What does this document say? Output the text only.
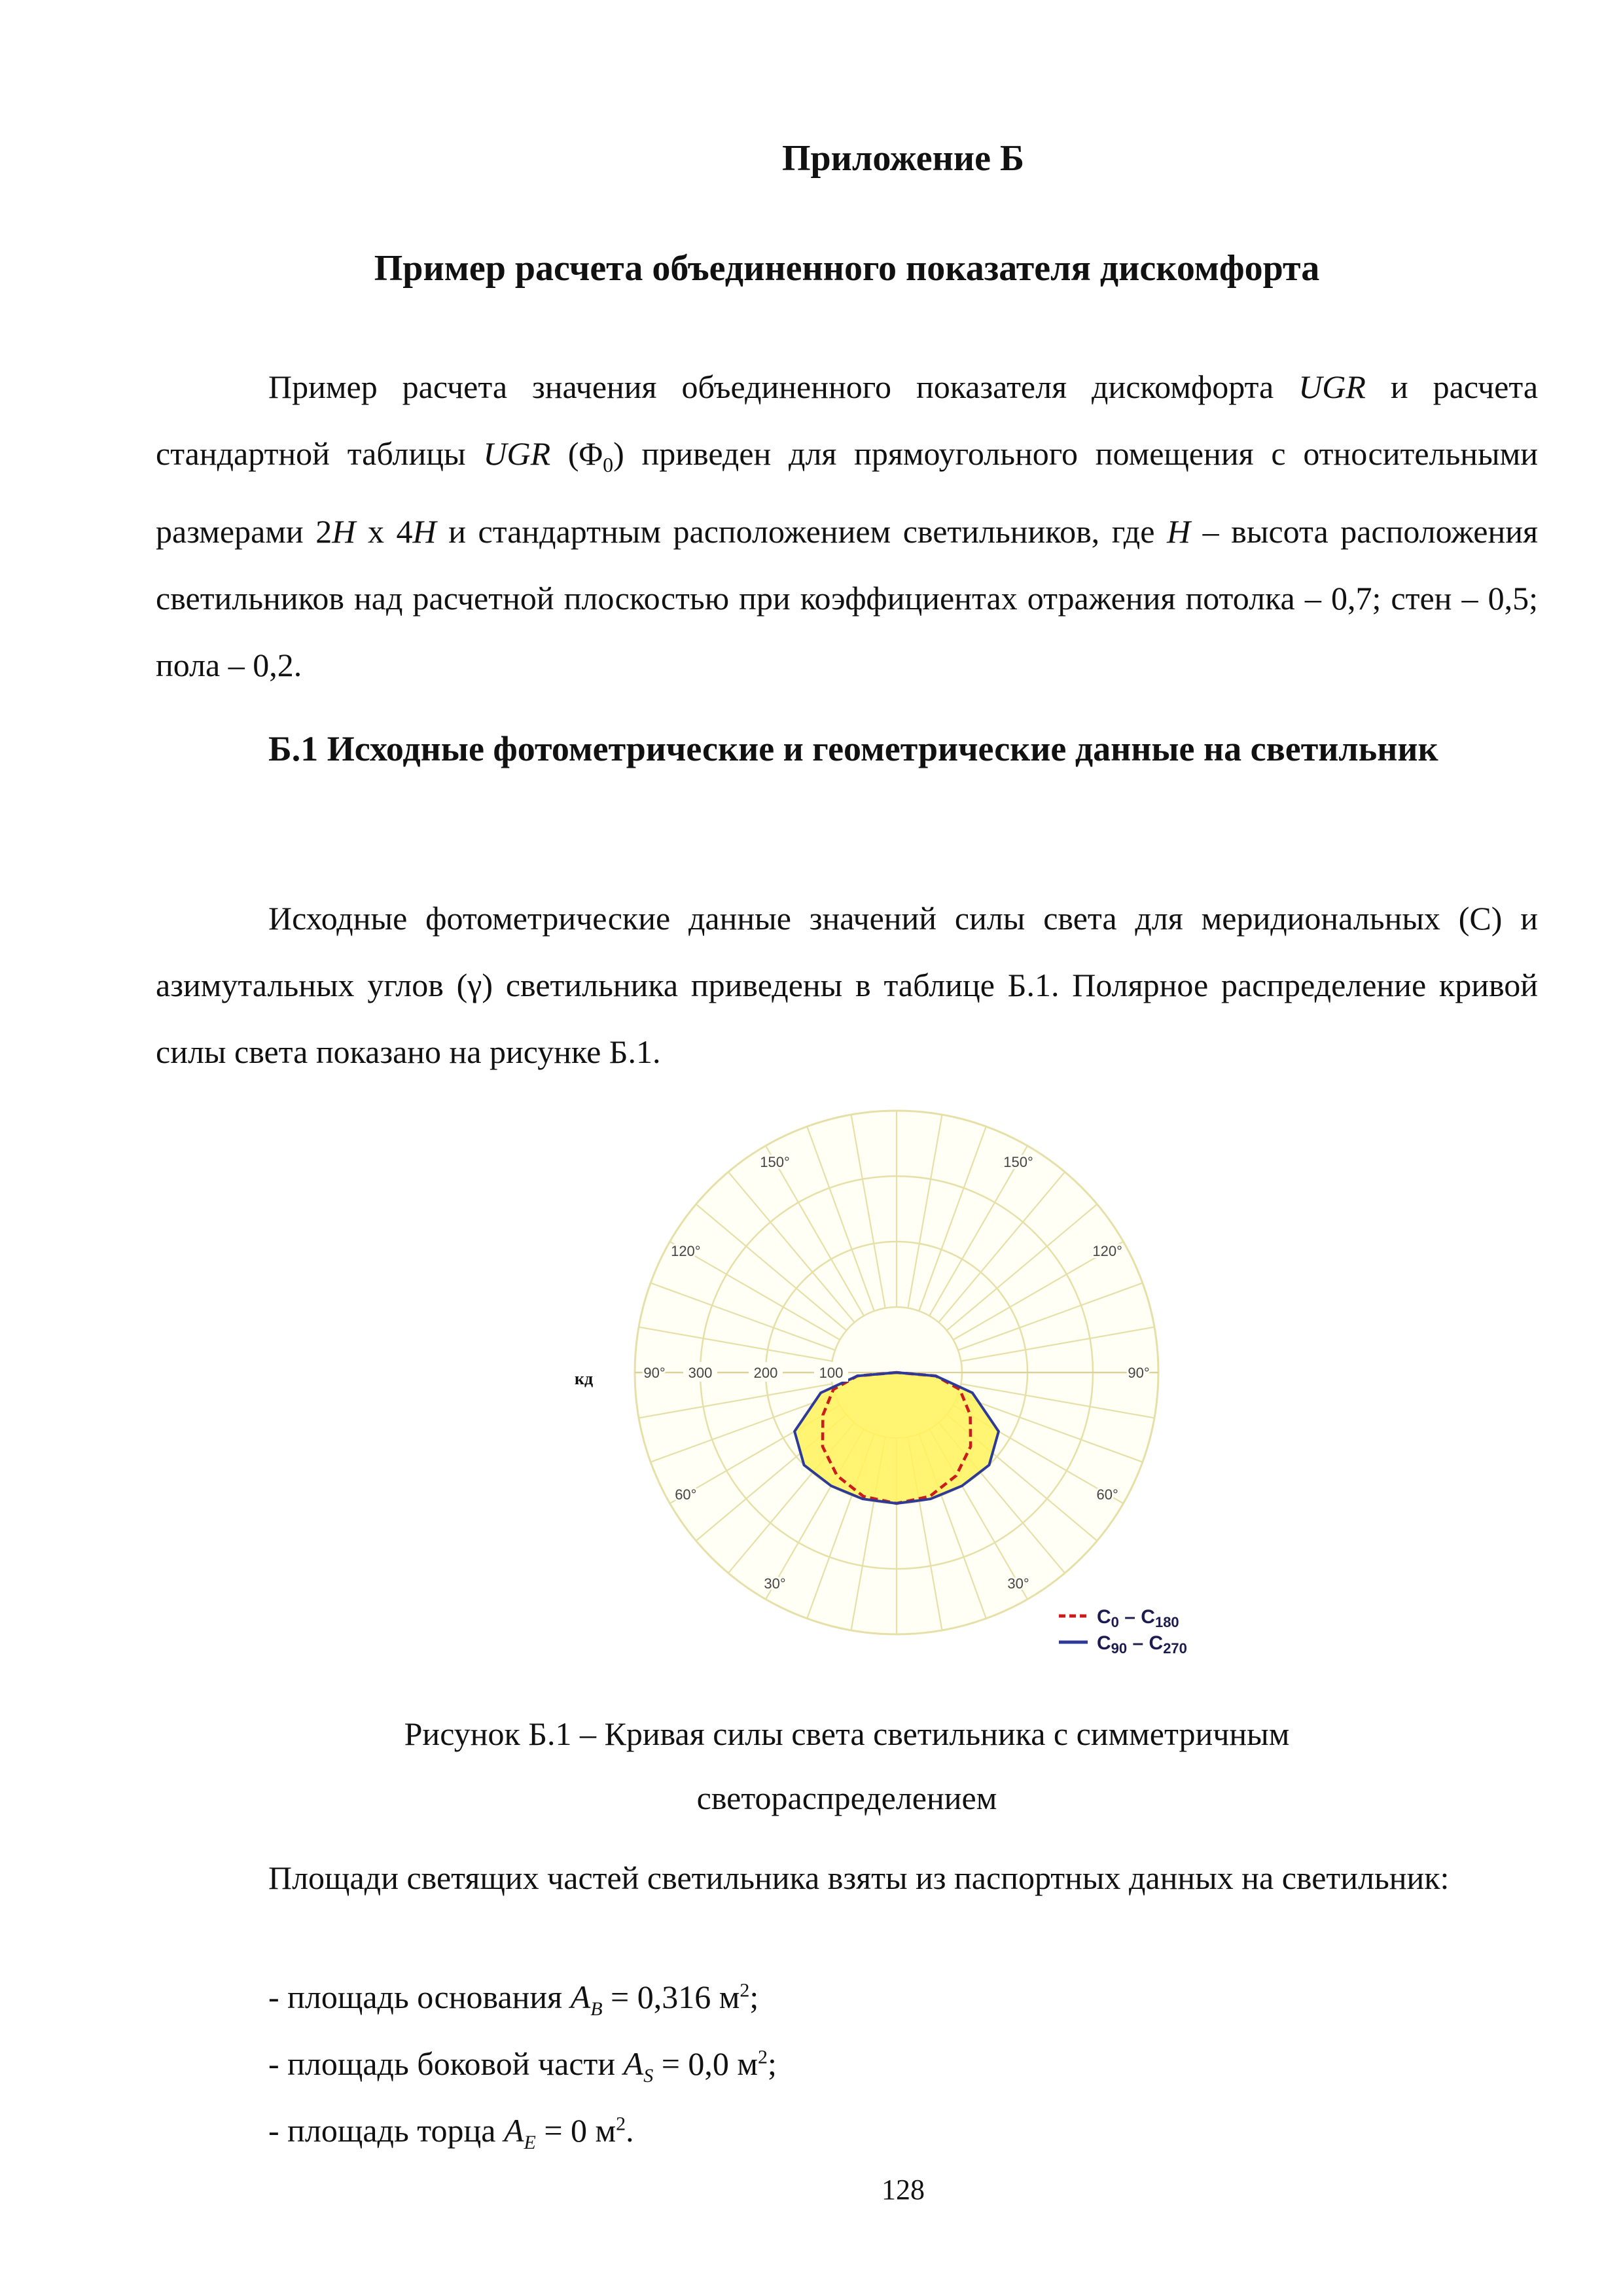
Приложение Б
Пример расчета объединенного показателя дискомфорта
Пример расчета значения объединенного показателя дискомфорта UGR и расчета стандартной таблицы UGR $(\Phi_0)$ приведен для прямоугольного помещения с относительными размерами 2H x 4H и стандартным расположением светильников, где H – высота расположения светильников над расчетной плоскостью при коэффициентах отражения потолка – 0,7; стен – 0,5; пола – 0,2.
Б.1 Исходные фотометрические и геометрические данные на светильник
Исходные фотометрические данные значений силы света для меридиональных (С) и азимутальных углов (γ) светильника приведены в таблице Б.1. Полярное распределение кривой силы света показано на рисунке Б.1.
100
200
300
150°	150°
120°	120°
90°	90°
60°	60°
30°	30°
$C_0 - C_{180}$
$C_{90} - C_{270}$
кд
Рисунок Б.1 – Кривая силы света светильника с симметричным
светораспределением
Площади светящих частей светильника взяты из паспортных данных на светильник:
- площадь основания $A_B = 0,316$ $м^2$;
- площадь боковой части $A_S = 0,0$ $м^2$;
- площадь торца $A_E = 0$ $м^2$.
128
